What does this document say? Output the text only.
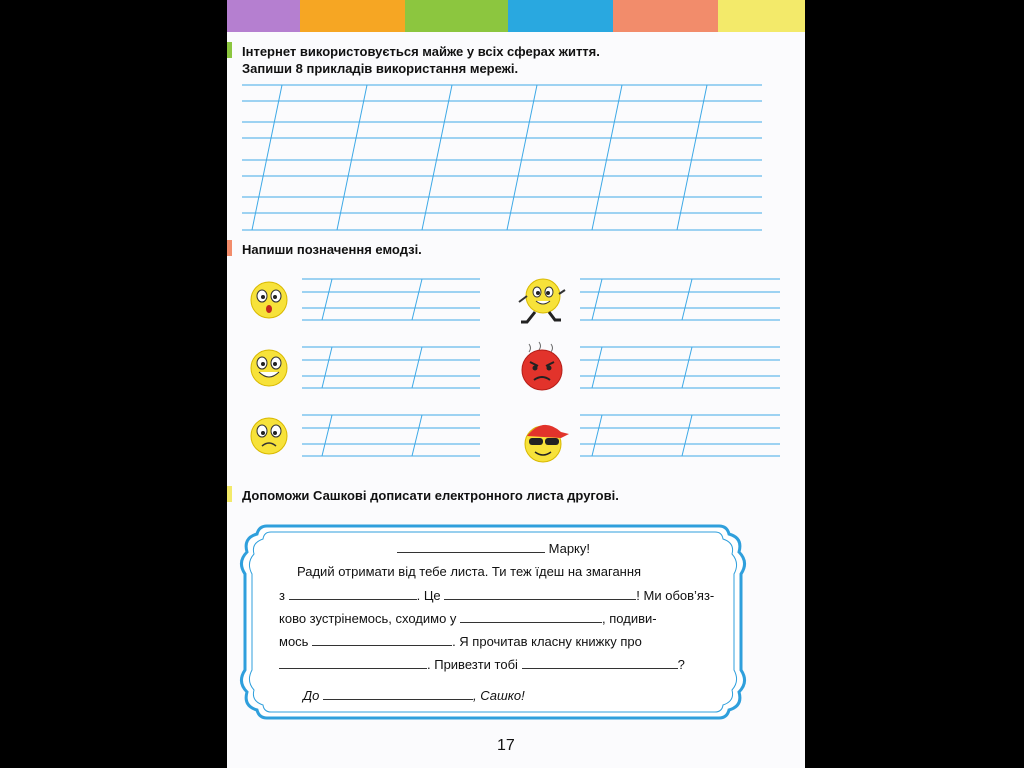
Інтернет використовується майже у всіх сферах життя.
Запиши 8 прикладів використання мережі.
Напиши позначення емодзі.
Допоможи Сашкові дописати електронного листа другові.
Марку!
Радий отримати від тебе листа. Ти теж їдеш на змагання
з	. Це	! Ми обов’яз-
ково зустрінемось, сходимо у	, подиви-
мось	. Я прочитав класну книжку про
. Привезти тобі	?
До	, Сашко!
17
